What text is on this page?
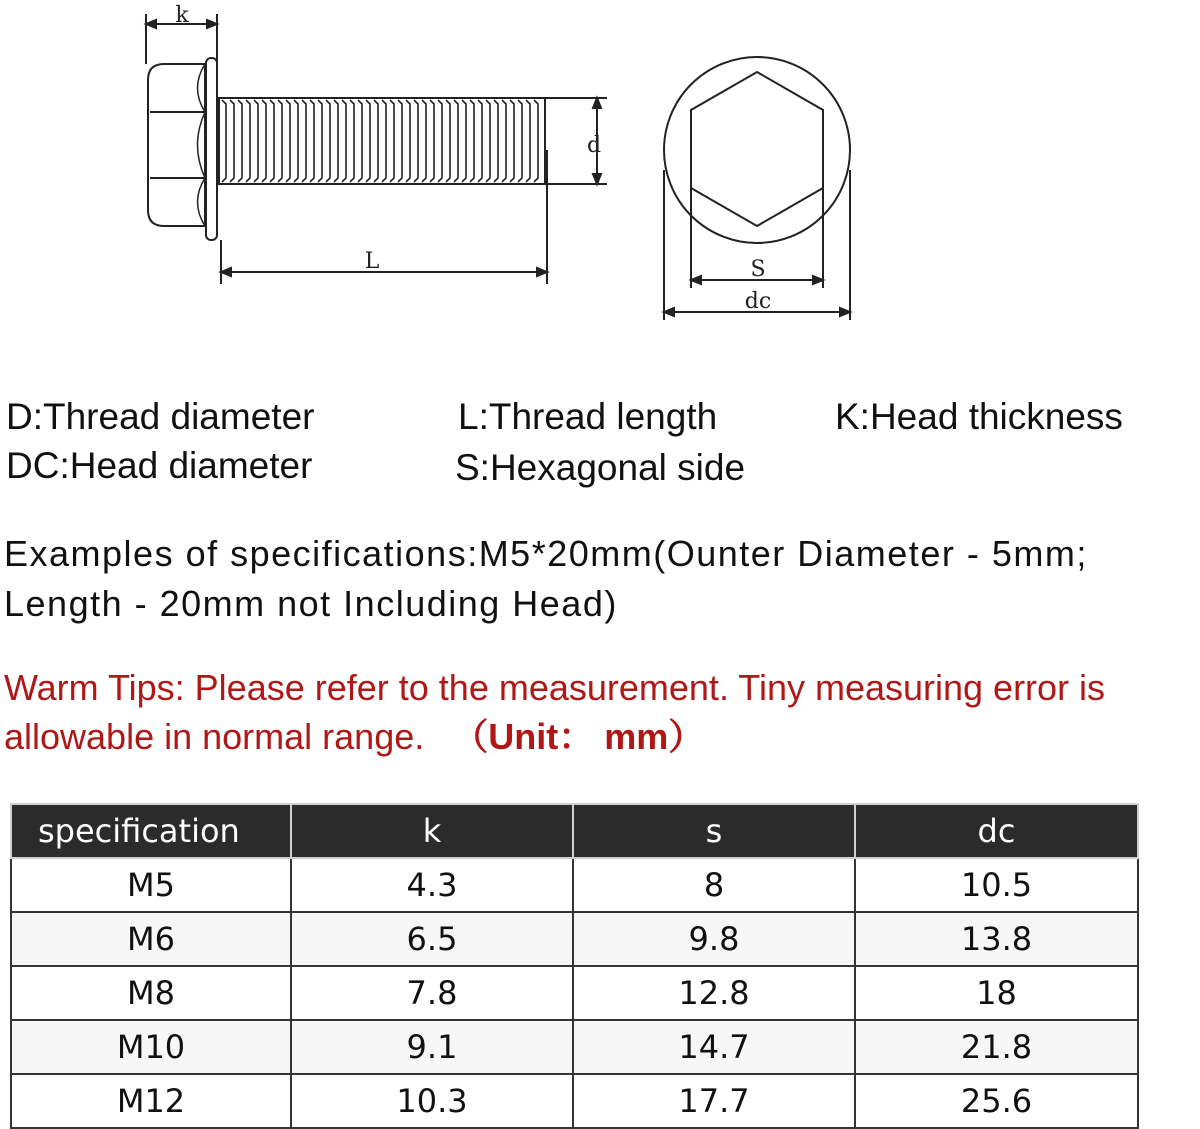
k
d
L	S
dc
D:Thread diameter	L:Thread length	K:Head thickness
DC:Head diameter	S:Hexagonal side
Examples of specifications:M5*20mm(Ounter Diameter - 5mm;
Length - 20mm not Including Head)
Warm Tips: Please refer to the measurement. Tiny measuring error is
allowable in normal range. （Unit： mm）
specification	k	s	dc
M5	4.3	8	10.5
M6	6.5	9.8	13.8
M8	7.8	12.8	18
M10	9.1	14.7	21.8
M12	10.3	17.7	25.6
